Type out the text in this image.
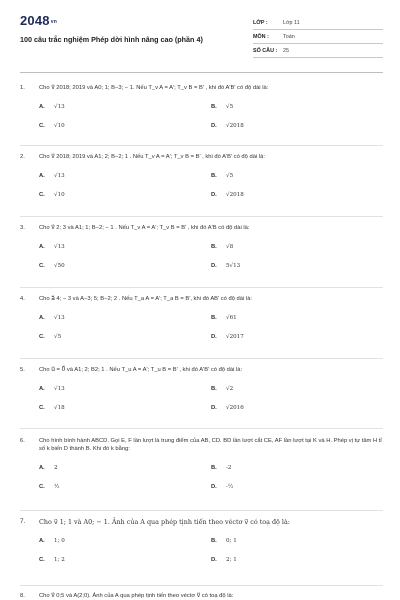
2048vn
100 câu trắc nghiệm Phép dời hình nâng cao (phần 4)
LỚP :	Lớp 11
MÔN :	Toán
SỐ CÂU :	25
1.	Cho v⃗ 2018; 2019 và A0; 1; B−3; − 1. Nếu T_v A = A′; T_v B = B′ , khi đó A'B' có độ dài là:
A.	√13	B.	√5
C.	√10	D.	√2018
2.	Cho v⃗ 2018; 2019 và A1; 2; B−2; 1 . Nếu T_v A = A′; T_v B = B′ , khi đó A'B' có độ dài là:
A.	√13	B.	√5
C.	√10	D.	√2018
3.	Cho v⃗ 2; 3 và A1; 1; B−2; − 1 . Nếu T_v A = A′; T_v B = B′ , khi đó A'B có độ dài là:
A.	√13	B.	√8
C.	√50	D.	5√13
4.	Cho a⃗ 4; − 3 và A−3; 5; B−2; 2 . Nếu T_a A = A′; T_a B = B′, khi đó AB' có độ dài là:
A.	√13	B.	√61
C.	√5	D.	√2017
5.	Cho u⃗ = 0⃗ và A1; 2; B2; 1 . Nếu T_u A = A′; T_u B = B′ , khi đó A'B' có độ dài là:
A.	√13	B.	√2
C.	√18	D.	√2016
6.	Cho hình bình hành ABCD. Gọi E, F lần lượt là trung điểm của AB, CD. BD lần lượt cắt CE, AF lần lượt tại K và H. Phép vị tự tâm H tỉ số k biến D thành B. Khi đó k bằng:
A.	2	B.	-2
C.	½	D.	-½
7.	Cho v⃗ 1; 1 và A0; − 1. Ảnh của A qua phép tịnh tiến theo véctơ v⃗ có toạ độ là:
A.	1; 0	B.	0; 1
C.	1; 2	D.	2; 1
8.	Cho v⃗ 0;5 và A(2;0). Ảnh của A qua phép tịnh tiến theo véctơ v⃗ có toạ độ là:
